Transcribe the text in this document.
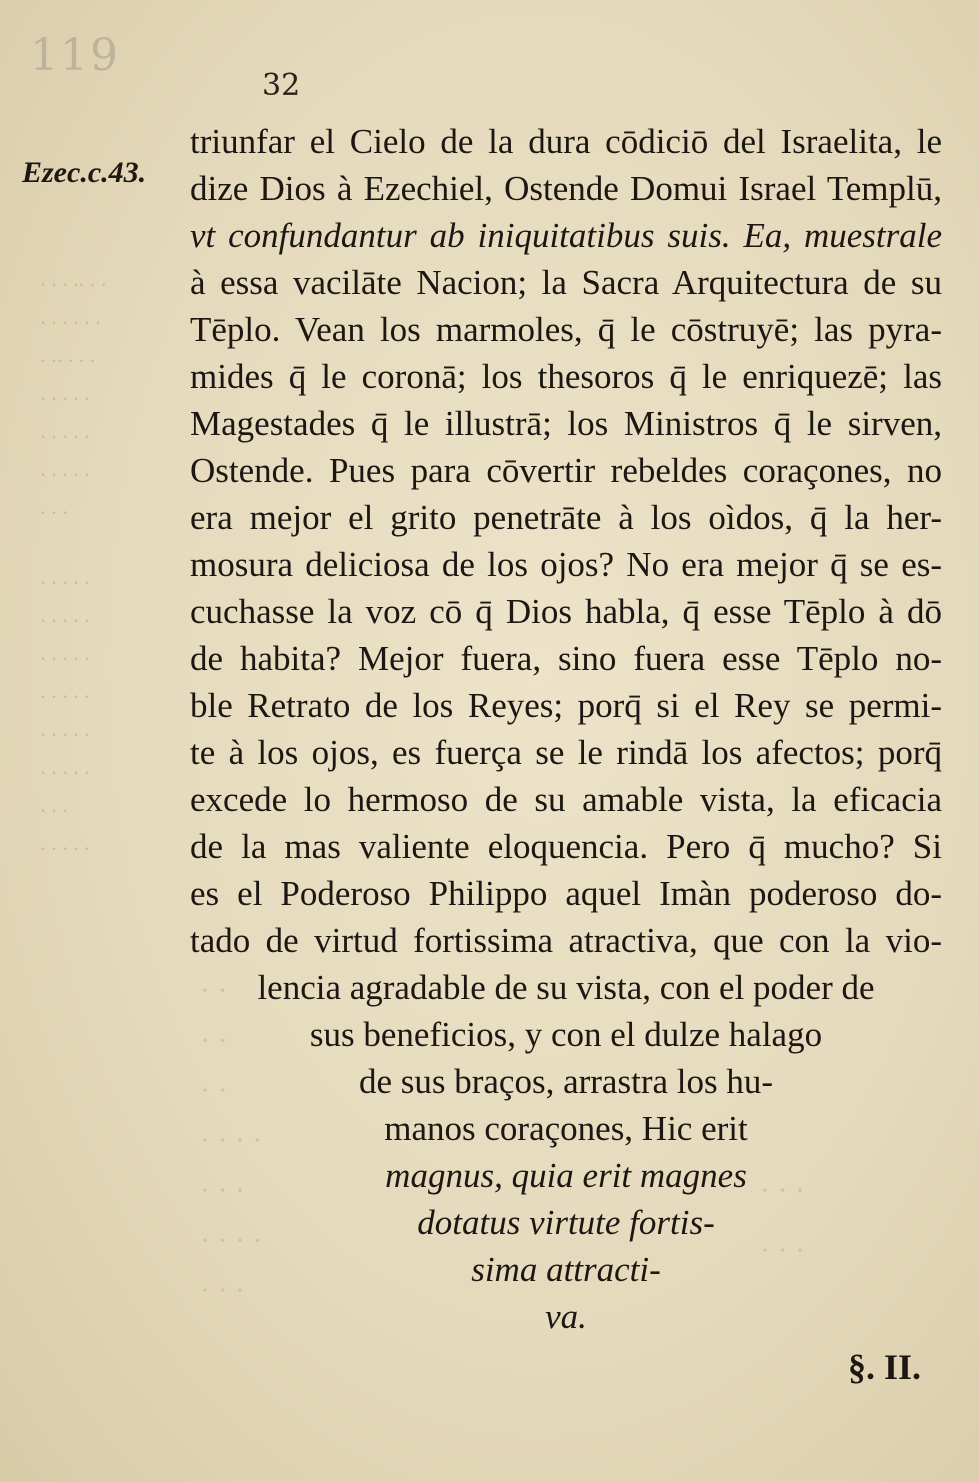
· · · ·· · ·
· · · · · ·
· ·· · · ·
· · · · ·
· · · · ·
· · · · ·
· · ·
· · · · ·
· · · · ·
· · · · ·
· · · · ·
· · · · ·
· · · · ·
· · ·
· · · · ·
· ·
· ·
· ·
· · · ·
· · ·
· · · ·
· · ·
· · ·
· · ·
119
32
Ezec.c.43.
triunfar el Cielo de la dura cōdiciō del Israelita, le
dize Dios à Ezechiel, Ostende Domui Israel Templū,
vt confundantur ab iniquitatibus suis. Ea, muestrale
à essa vacilāte Nacion; la Sacra Arquitectura de su
Tēplo. Vean los marmoles, q̄ le cōstruyē; las pyra-
mides q̄ le coronā; los thesoros q̄ le enriquezē; las
Magestades q̄ le illustrā; los Ministros q̄ le sirven,
Ostende. Pues para cōvertir rebeldes coraçones, no
era mejor el grito penetrāte à los oìdos, q̄ la her-
mosura deliciosa de los ojos? No era mejor q̄ se es-
cuchasse la voz cō q̄ Dios habla, q̄ esse Tēplo à dō
de habita? Mejor fuera, sino fuera esse Tēplo no-
ble Retrato de los Reyes; porq̄ si el Rey se permi-
te à los ojos, es fuerça se le rindā los afectos; porq̄
excede lo hermoso de su amable vista, la eficacia
de la mas valiente eloquencia. Pero q̄ mucho? Si
es el Poderoso Philippo aquel Imàn poderoso do-
tado de virtud fortissima atractiva, que con la vio-
lencia agradable de su vista, con el poder de
sus beneficios, y con el dulze halago
de sus braços, arrastra los hu-
manos coraçones, Hic erit
magnus, quia erit magnes
dotatus virtute fortis-
sima attracti-
va.
§. II.
